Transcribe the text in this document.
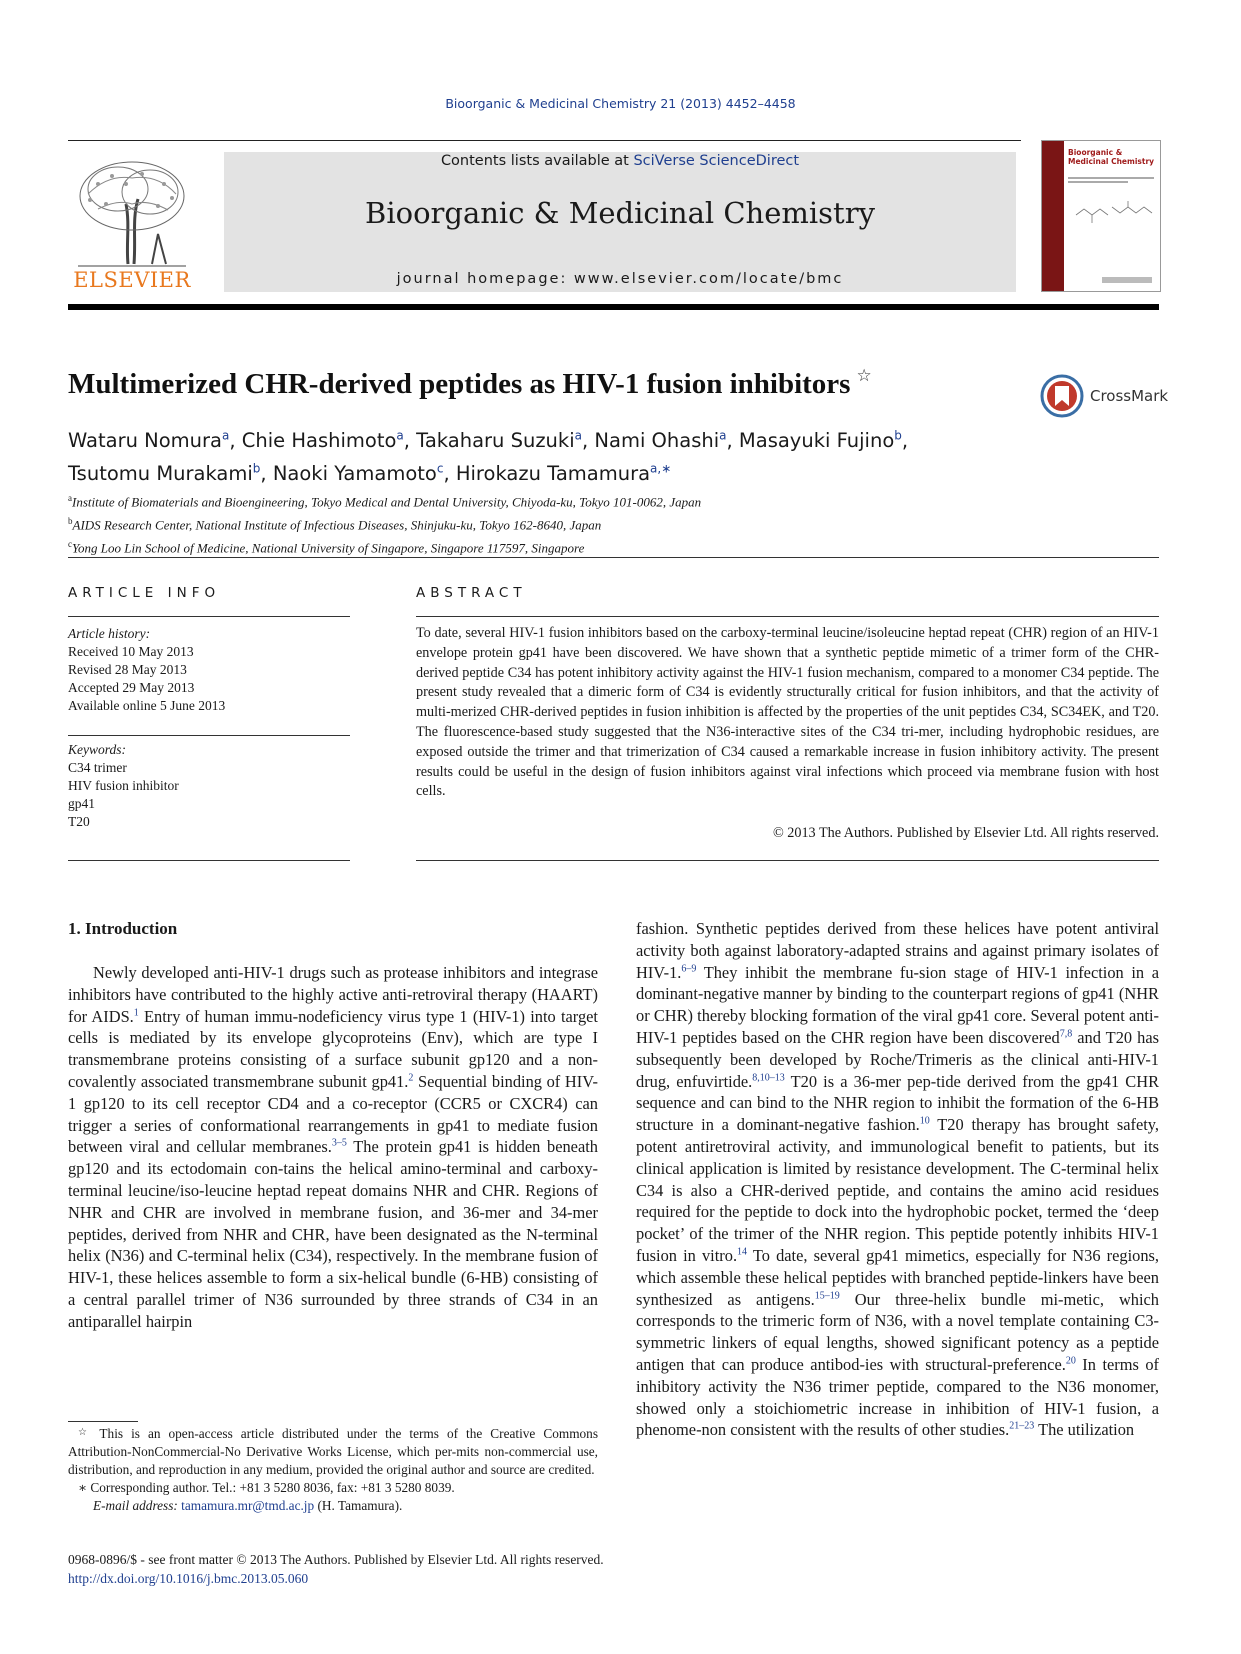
Bioorganic & Medicinal Chemistry 21 (2013) 4452–4458
ELSEVIER
Contents lists available at SciVerse ScienceDirect
Bioorganic & Medicinal Chemistry
journal homepage: www.elsevier.com/locate/bmc
Bioorganic & Medicinal Chemistry
Multimerized CHR-derived peptides as HIV-1 fusion inhibitors ☆
CrossMark
Wataru Nomura$^a$, Chie Hashimoto$^a$, Takaharu Suzuki$^a$, Nami Ohashi$^a$, Masayuki Fujino$^b$,
Tsutomu Murakami$^b$, Naoki Yamamoto$^c$, Hirokazu Tamamura$^{a,∗}$
$^a$Institute of Biomaterials and Bioengineering, Tokyo Medical and Dental University, Chiyoda-ku, Tokyo 101-0062, Japan
$^b$AIDS Research Center, National Institute of Infectious Diseases, Shinjuku-ku, Tokyo 162-8640, Japan
$^c$Yong Loo Lin School of Medicine, National University of Singapore, Singapore 117597, Singapore
ARTICLE INFO
Article history:
Received 10 May 2013
Revised 28 May 2013
Accepted 29 May 2013
Available online 5 June 2013
Keywords:
C34 trimer
HIV fusion inhibitor
gp41
T20
ABSTRACT
To date, several HIV-1 fusion inhibitors based on the carboxy-terminal leucine/isoleucine heptad repeat (CHR) region of an HIV-1 envelope protein gp41 have been discovered. We have shown that a synthetic peptide mimetic of a trimer form of the CHR-derived peptide C34 has potent inhibitory activity against the HIV-1 fusion mechanism, compared to a monomer C34 peptide. The present study revealed that a dimeric form of C34 is evidently structurally critical for fusion inhibitors, and that the activity of multi-merized CHR-derived peptides in fusion inhibition is affected by the properties of the unit peptides C34, SC34EK, and T20. The fluorescence-based study suggested that the N36-interactive sites of the C34 tri-mer, including hydrophobic residues, are exposed outside the trimer and that trimerization of C34 caused a remarkable increase in fusion inhibitory activity. The present results could be useful in the design of fusion inhibitors against viral infections which proceed via membrane fusion with host cells.
© 2013 The Authors. Published by Elsevier Ltd. All rights reserved.
1. Introduction

Newly developed anti-HIV-1 drugs such as protease inhibitors and integrase inhibitors have contributed to the highly active anti-retroviral therapy (HAART) for AIDS.$^1$ Entry of human immu-nodeficiency virus type 1 (HIV-1) into target cells is mediated by its envelope glycoproteins (Env), which are type I transmembrane proteins consisting of a surface subunit gp120 and a non-covalently associated transmembrane subunit gp41.$^2$ Sequential binding of HIV-1 gp120 to its cell receptor CD4 and a co-receptor (CCR5 or CXCR4) can trigger a series of conformational rearrangements in gp41 to mediate fusion between viral and cellular membranes.$^{3-5}$ The protein gp41 is hidden beneath gp120 and its ectodomain con-tains the helical amino-terminal and carboxy-terminal leucine/iso-leucine heptad repeat domains NHR and CHR. Regions of NHR and CHR are involved in membrane fusion, and 36-mer and 34-mer peptides, derived from NHR and CHR, have been designated as the N-terminal helix (N36) and C-terminal helix (C34), respectively. In the membrane fusion of HIV-1, these helices assemble to form a six-helical bundle (6-HB) consisting of a central parallel trimer of N36 surrounded by three strands of C34 in an antiparallel hairpin

fashion. Synthetic peptides derived from these helices have potent antiviral activity both against laboratory-adapted strains and against primary isolates of HIV-1.$^{6-9}$ They inhibit the membrane fu-sion stage of HIV-1 infection in a dominant-negative manner by binding to the counterpart regions of gp41 (NHR or CHR) thereby blocking formation of the viral gp41 core. Several potent anti-HIV-1 peptides based on the CHR region have been discovered$^{7,8}$ and T20 has subsequently been developed by Roche/Trimeris as the clinical anti-HIV-1 drug, enfuvirtide.$^{8,10-13}$ T20 is a 36-mer pep-tide derived from the gp41 CHR sequence and can bind to the NHR region to inhibit the formation of the 6-HB structure in a dominant-negative fashion.$^{10}$ T20 therapy has brought safety, potent antiretroviral activity, and immunological benefit to patients, but its clinical application is limited by resistance development. The C-terminal helix C34 is also a CHR-derived peptide, and contains the amino acid residues required for the peptide to dock into the hydrophobic pocket, termed the ‘deep pocket’ of the trimer of the NHR region. This peptide potently inhibits HIV-1 fusion in vitro.$^{14}$ To date, several gp41 mimetics, especially for N36 regions, which assemble these helical peptides with branched peptide-linkers have been synthesized as antigens.$^{15-19}$ Our three-helix bundle mi-metic, which corresponds to the trimeric form of N36, with a novel template containing C3-symmetric linkers of equal lengths, showed significant potency as a peptide antigen that can produce antibod-ies with structural-preference.$^{20}$ In terms of inhibitory activity the N36 trimer peptide, compared to the N36 monomer, showed only a stoichiometric increase in inhibition of HIV-1 fusion, a phenome-non consistent with the results of other studies.$^{21-23}$ The utilization

☆ This is an open-access article distributed under the terms of the Creative Commons Attribution-NonCommercial-No Derivative Works License, which per-mits non-commercial use, distribution, and reproduction in any medium, provided the original author and source are credited.

∗ Corresponding author. Tel.: +81 3 5280 8036, fax: +81 3 5280 8039.

E-mail address: tamamura.mr@tmd.ac.jp (H. Tamamura).

0968-0896/$ - see front matter © 2013 The Authors. Published by Elsevier Ltd. All rights reserved.
http://dx.doi.org/10.1016/j.bmc.2013.05.060
